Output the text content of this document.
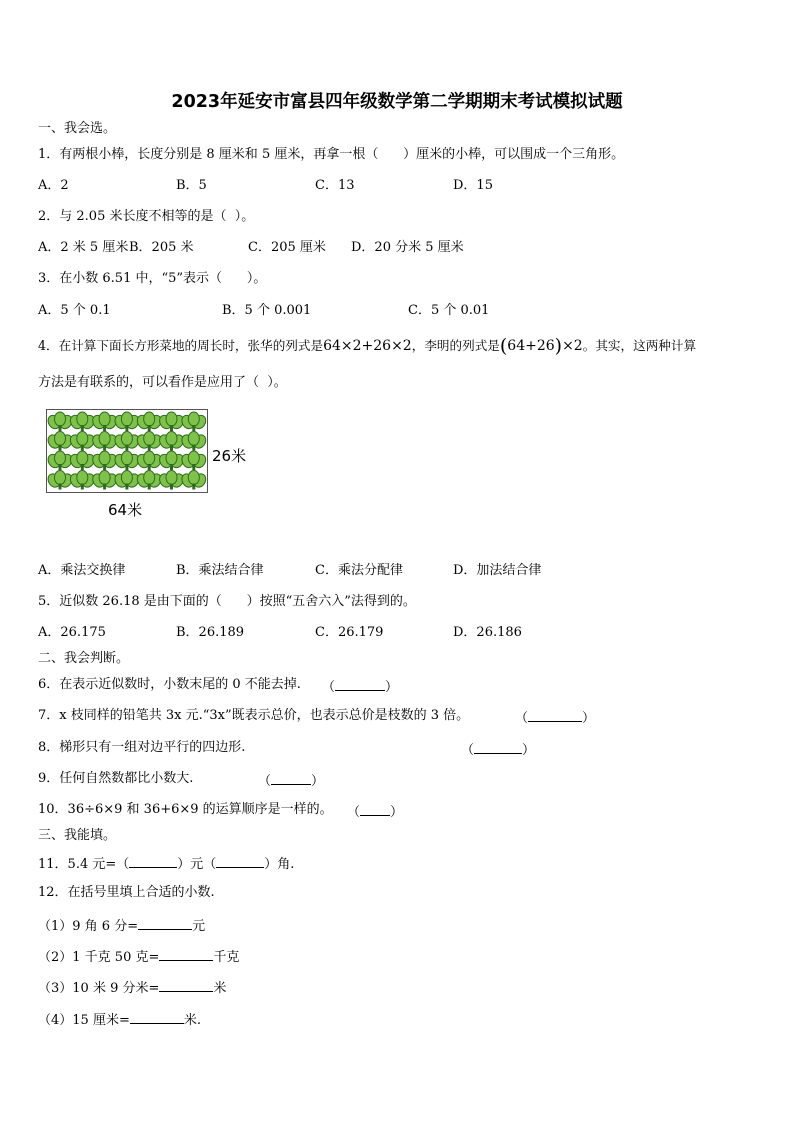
2023年延安市富县四年级数学第二学期期末考试模拟试题
一、我会选。
1．有两根小棒，长度分别是 8 厘米和 5 厘米，再拿一根（ ）厘米的小棒，可以围成一个三角形。
A．2	B．5	C．13	D．15
2．与 2.05 米长度不相等的是（  ）。
A．2 米 5 厘米 B．205 米	C．205 厘米 D．20 分米 5 厘米
3．在小数 6.51 中，“5”表示（      ）。
A．5 个 0.1	B．5 个 0.001	C．5 个 0.01
4．在计算下面长方形菜地的周长时，张华的列式是64×2+26×2，李明的列式是(64+26)×2。其实，这两种计算
方法是有联系的，可以看作是应用了（  ）。
26米
64米
A．乘法交换律	B．乘法结合律	C．乘法分配律	D．加法结合律
5．近似数 26.18 是由下面的（ ）按照“五舍六入”法得到的。
A．26.175	B．26.189	C．26.179	D．26.186
二、我会判断。
6．在表示近似数时，小数末尾的 0 不能去掉. （	）
7．x 枝同样的铅笔共 3x 元.“3x”既表示总价，也表示总价是枝数的 3 倍。	（	）
8．梯形只有一组对边平行的四边形.	（	）
9．任何自然数都比小数大.	（	）
10．36÷6×9 和 36+6×9 的运算顺序是一样的。 （ ）
三、我能填。
11．5.4 元=（	）元（	）角.
12．在括号里填上合适的小数.
（1）9 角 6 分=	元
（2）1 千克 50 克=	千克
（3）10 米 9 分米=	米
（4）15 厘米=	米.
